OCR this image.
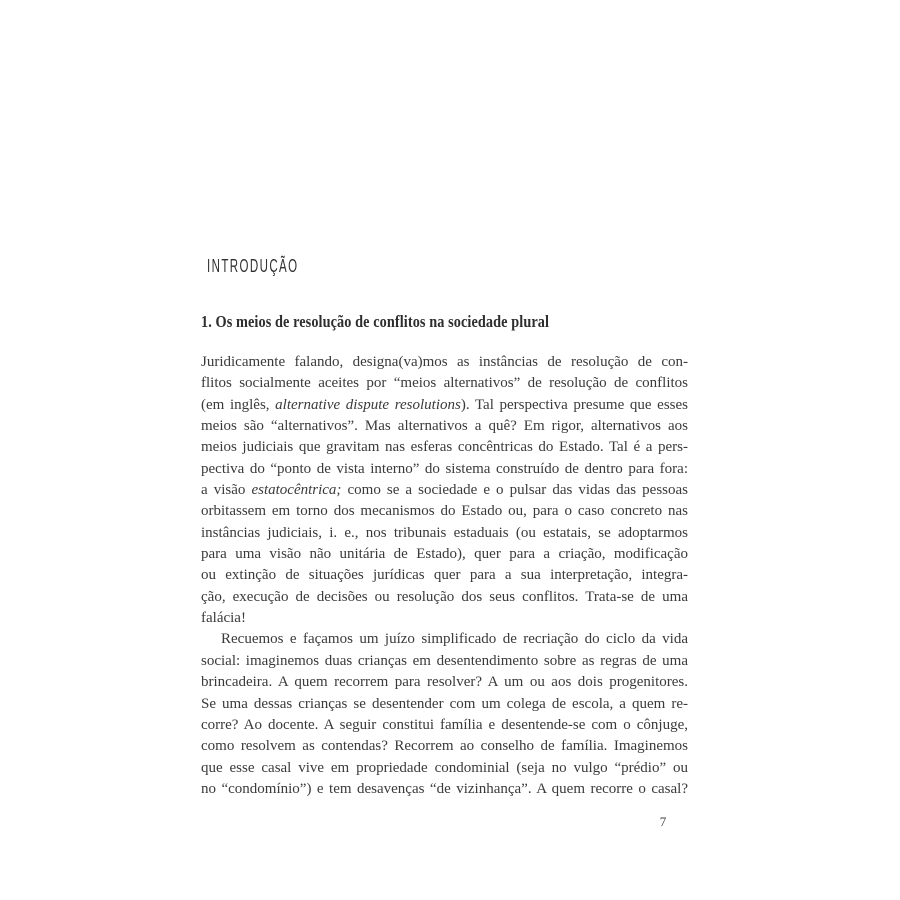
INTRODUÇÃO
1. Os meios de resolução de conflitos na sociedade plural
Juridicamente falando, designa(va)mos as instâncias de resolução de con-
flitos socialmente aceites por “meios alternativos” de resolução de conflitos
(em inglês, alternative dispute resolutions). Tal perspectiva presume que esses
meios são “alternativos”. Mas alternativos a quê? Em rigor, alternativos aos
meios judiciais que gravitam nas esferas concêntricas do Estado. Tal é a pers-
pectiva do “ponto de vista interno” do sistema construído de dentro para fora:
a visão estatocêntrica; como se a sociedade e o pulsar das vidas das pessoas
orbitassem em torno dos mecanismos do Estado ou, para o caso concreto nas
instâncias judiciais, i. e., nos tribunais estaduais (ou estatais, se adoptarmos
para uma visão não unitária de Estado), quer para a criação, modificação
ou extinção de situações jurídicas quer para a sua interpretação, integra-
ção, execução de decisões ou resolução dos seus conflitos. Trata-se de uma
falácia!
Recuemos e façamos um juízo simplificado de recriação do ciclo da vida
social: imaginemos duas crianças em desentendimento sobre as regras de uma
brincadeira. A quem recorrem para resolver? A um ou aos dois progenitores.
Se uma dessas crianças se desentender com um colega de escola, a quem re-
corre? Ao docente. A seguir constitui família e desentende-se com o cônjuge,
como resolvem as contendas? Recorrem ao conselho de família. Imaginemos
que esse casal vive em propriedade condominial (seja no vulgo “prédio” ou
no “condomínio”) e tem desavenças “de vizinhança”. A quem recorre o casal?
7
